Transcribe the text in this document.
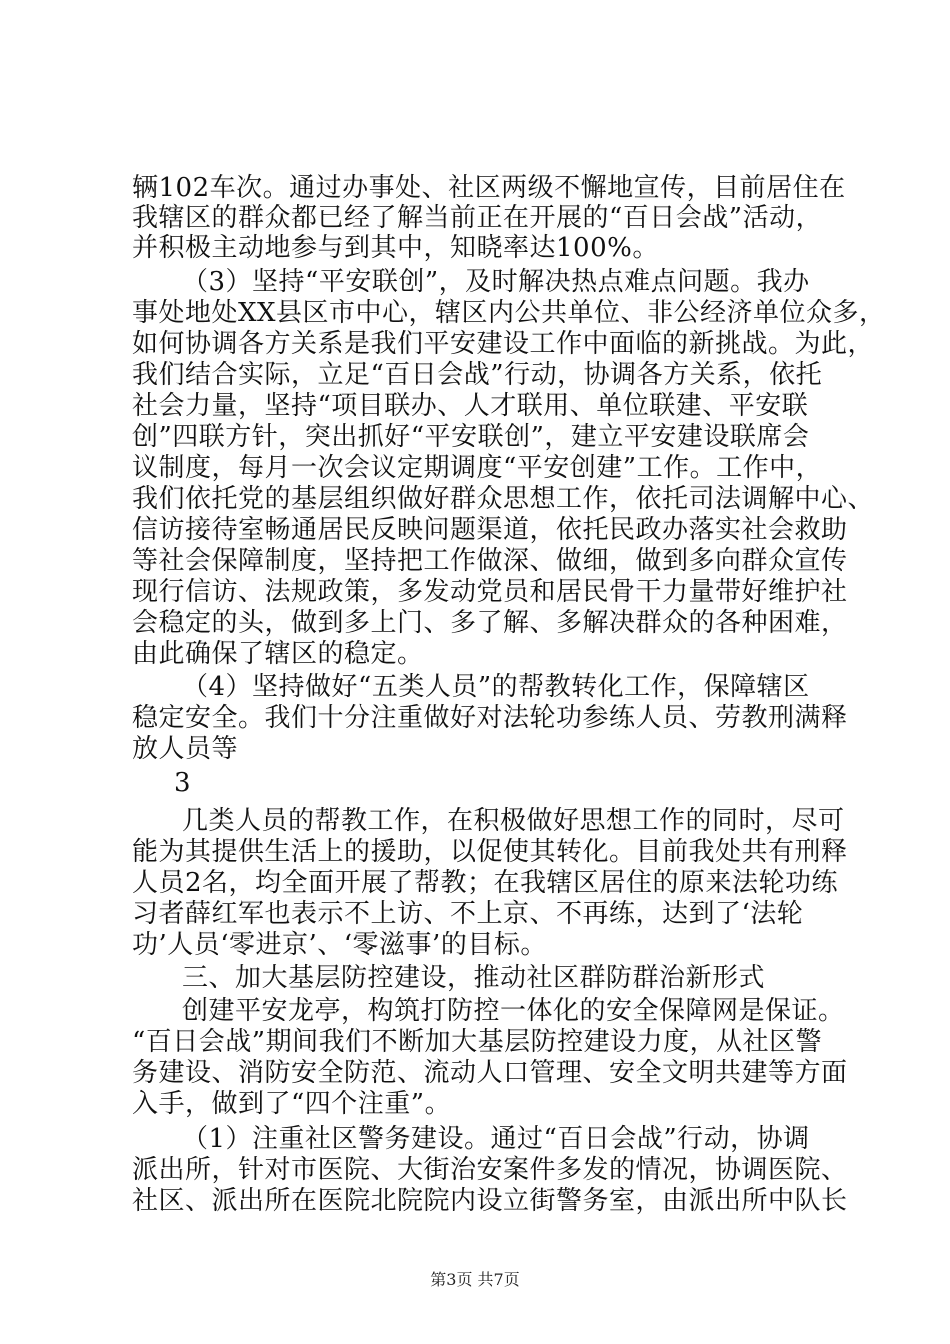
辆102车次。通过办事处、社区两级不懈地宣传，目前居住在
我辖区的群众都已经了解当前正在开展的“百日会战”活动，
并积极主动地参与到其中，知晓率达100%。
（3）坚持“平安联创”，及时解决热点难点问题。我办
事处地处XX县区市中心，辖区内公共单位、非公经济单位众多，
如何协调各方关系是我们平安建设工作中面临的新挑战。为此，
我们结合实际，立足“百日会战”行动，协调各方关系，依托
社会力量，坚持“项目联办、人才联用、单位联建、平安联
创”四联方针，突出抓好“平安联创”，建立平安建设联席会
议制度，每月一次会议定期调度“平安创建”工作。工作中，
我们依托党的基层组织做好群众思想工作，依托司法调解中心、
信访接待室畅通居民反映问题渠道，依托民政办落实社会救助
等社会保障制度，坚持把工作做深、做细，做到多向群众宣传
现行信访、法规政策，多发动党员和居民骨干力量带好维护社
会稳定的头，做到多上门、多了解、多解决群众的各种困难，
由此确保了辖区的稳定。
（4）坚持做好“五类人员”的帮教转化工作，保障辖区
稳定安全。我们十分注重做好对法轮功参练人员、劳教刑满释
放人员等
3
几类人员的帮教工作，在积极做好思想工作的同时，尽可
能为其提供生活上的援助，以促使其转化。目前我处共有刑释
人员2名，均全面开展了帮教；在我辖区居住的原来法轮功练
习者薛红军也表示不上访、不上京、不再练，达到了‘法轮
功’人员‘零进京’、‘零滋事’的目标。
三、加大基层防控建设，推动社区群防群治新形式
创建平安龙亭，构筑打防控一体化的安全保障网是保证。
“百日会战”期间我们不断加大基层防控建设力度，从社区警
务建设、消防安全防范、流动人口管理、安全文明共建等方面
入手，做到了“四个注重”。
（1）注重社区警务建设。通过“百日会战”行动，协调
派出所，针对市医院、大街治安案件多发的情况，协调医院、
社区、派出所在医院北院院内设立街警务室，由派出所中队长
第3页 共7页
